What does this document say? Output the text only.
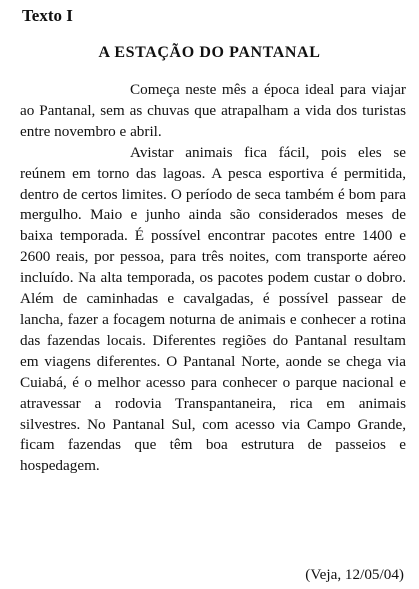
Texto I
A ESTAÇÃO DO PANTANAL

Começa neste mês a época ideal para viajar ao Pantanal, sem as chuvas que atrapalham a vida dos turistas entre novembro e abril.

Avistar animais fica fácil, pois eles se reúnem em torno das lagoas. A pesca esportiva é permitida, dentro de certos limites. O período de seca também é bom para mergulho. Maio e junho ainda são considerados meses de baixa temporada. É possível encontrar pacotes entre 1400 e 2600 reais, por pessoa, para três noites, com transporte aéreo incluído. Na alta temporada, os pacotes podem custar o dobro. Além de caminhadas e cavalgadas, é possível passear de lancha, fazer a focagem noturna de animais e conhecer a rotina das fazendas locais. Diferentes regiões do Pantanal resultam em viagens diferentes. O Pantanal Norte, aonde se chega via Cuiabá, é o melhor acesso para conhecer o parque nacional e atravessar a rodovia Transpantaneira, rica em animais silvestres. No Pantanal Sul, com acesso via Campo Grande, ficam fazendas que têm boa estrutura de passeios e hospedagem.

(Veja, 12/05/04)
